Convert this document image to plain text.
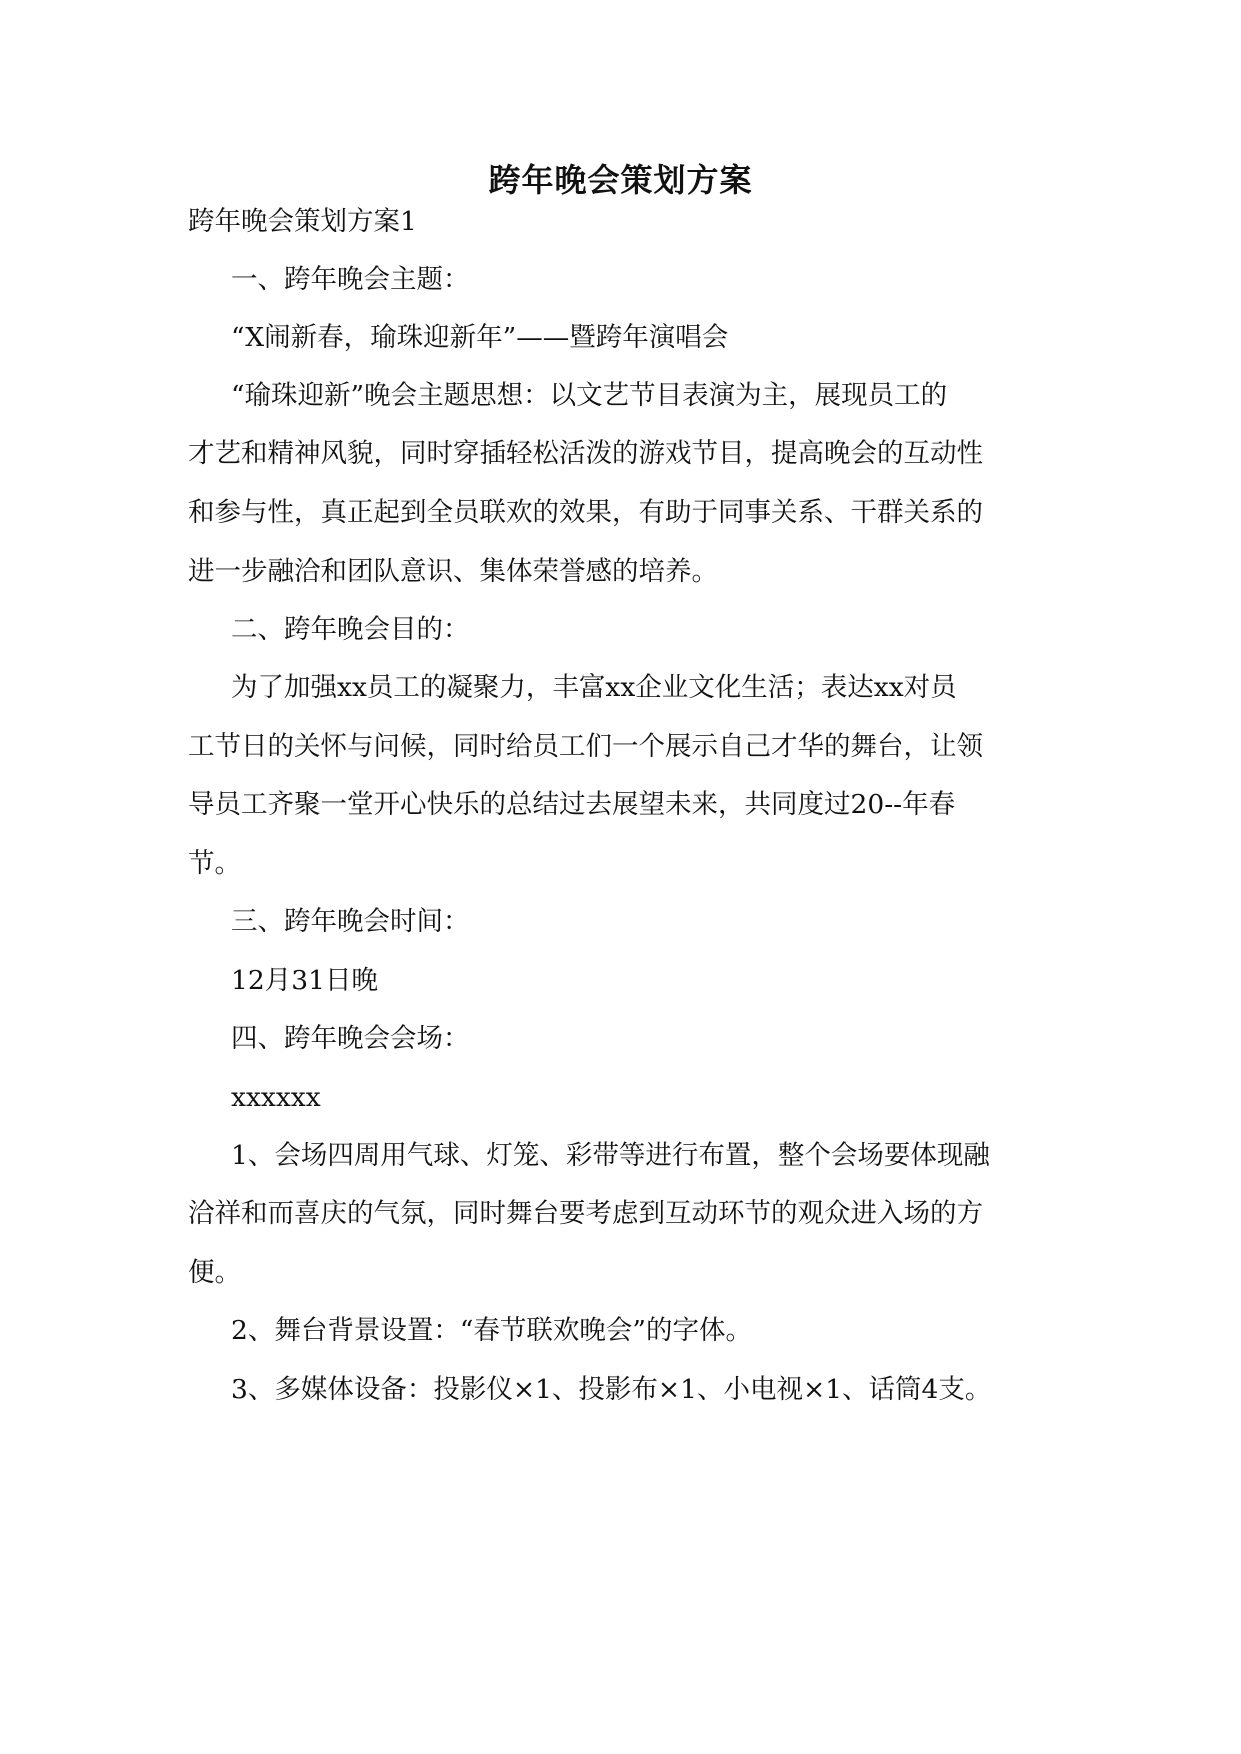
跨年晚会策划方案

跨年晚会策划方案1

一、跨年晚会主题：

“X闹新春，瑜珠迎新年”——暨跨年演唱会

“瑜珠迎新”晚会主题思想：以文艺节目表演为主，展现员工的

才艺和精神风貌，同时穿插轻松活泼的游戏节目，提高晚会的互动性

和参与性，真正起到全员联欢的效果，有助于同事关系、干群关系的

进一步融洽和团队意识、集体荣誉感的培养。

二、跨年晚会目的：

为了加强xx员工的凝聚力，丰富xx企业文化生活；表达xx对员

工节日的关怀与问候，同时给员工们一个展示自己才华的舞台，让领

导员工齐聚一堂开心快乐的总结过去展望未来，共同度过20--年春

节。

三、跨年晚会时间：

12月31日晚

四、跨年晚会会场：

xxxxxx

1、会场四周用气球、灯笼、彩带等进行布置，整个会场要体现融

洽祥和而喜庆的气氛，同时舞台要考虑到互动环节的观众进入场的方

便。

2、舞台背景设置：“春节联欢晚会”的字体。

3、多媒体设备：投影仪×1、投影布×1、小电视×1、话筒4支。
